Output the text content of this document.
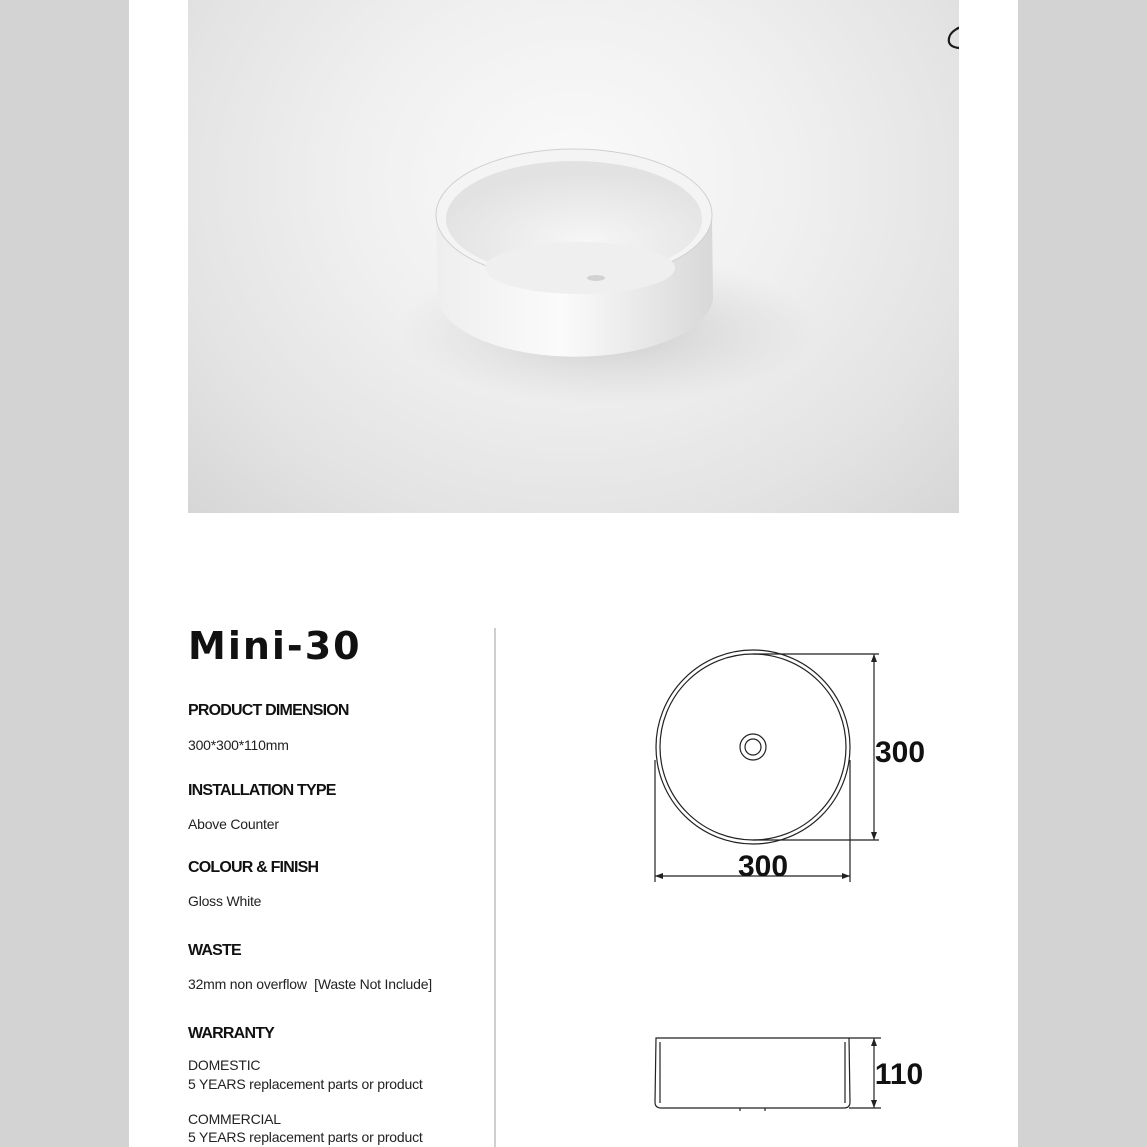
Mini-30
PRODUCT DIMENSION
300*300*110mm
INSTALLATION TYPE
Above Counter
COLOUR & FINISH
Gloss White
WASTE
32mm non overflow  [Waste Not Include]
WARRANTY
DOMESTIC
5 YEARS replacement parts or product
COMMERCIAL
5 YEARS replacement parts or product
300
300
110
